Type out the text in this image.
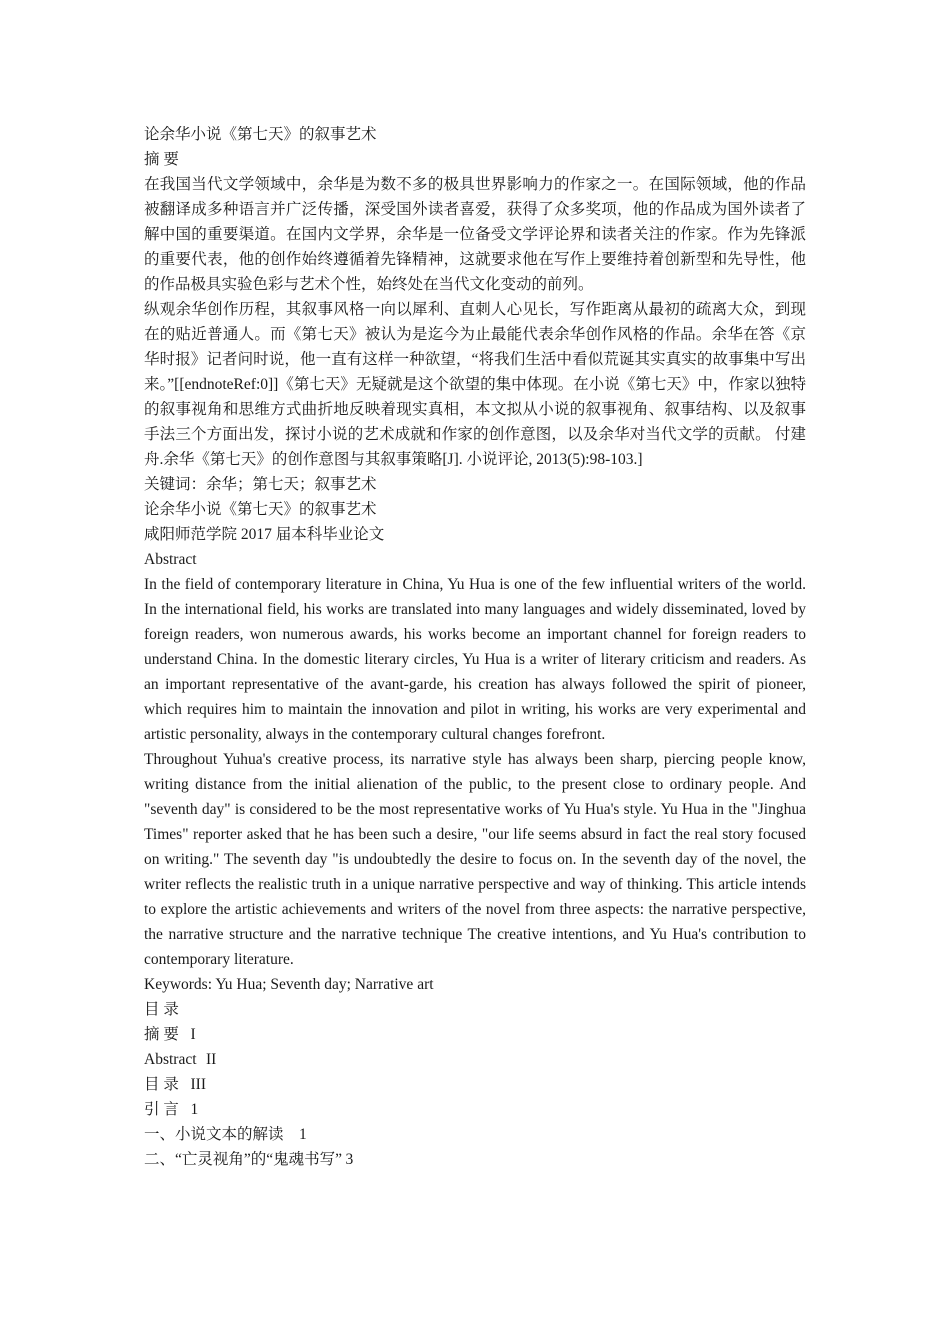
论余华小说《第七天》的叙事艺术

摘 要

在我国当代文学领域中，余华是为数不多的极具世界影响力的作家之一。在国际领域，他的作品被翻译成多种语言并广泛传播，深受国外读者喜爱，获得了众多奖项，他的作品成为国外读者了解中国的重要渠道。在国内文学界，余华是一位备受文学评论界和读者关注的作家。作为先锋派的重要代表，他的创作始终遵循着先锋精神，这就要求他在写作上要维持着创新型和先导性，他的作品极具实验色彩与艺术个性，始终处在当代文化变动的前列。

纵观余华创作历程，其叙事风格一向以犀利、直刺人心见长，写作距离从最初的疏离大众，到现在的贴近普通人。而《第七天》被认为是迄今为止最能代表余华创作风格的作品。余华在答《京华时报》记者问时说，他一直有这样一种欲望，“将我们生活中看似荒诞其实真实的故事集中写出来。”[[endnoteRef:0]]《第七天》无疑就是这个欲望的集中体现。在小说《第七天》中，作家以独特的叙事视角和思维方式曲折地反映着现实真相，本文拟从小说的叙事视角、叙事结构、以及叙事手法三个方面出发，探讨小说的艺术成就和作家的创作意图，以及余华对当代文学的贡献。 付建舟.余华《第七天》的创作意图与其叙事策略[J]. 小说评论, 2013(5):98-103.]

关键词：余华；第七天；叙事艺术

论余华小说《第七天》的叙事艺术

咸阳师范学院 2017 届本科毕业论文

Abstract

In the field of contemporary literature in China, Yu Hua is one of the few influential writers of the world. In the international field, his works are translated into many languages and widely disseminated, loved by foreign readers, won numerous awards, his works become an important channel for foreign readers to understand China. In the domestic literary circles, Yu Hua is a writer of literary criticism and readers. As an important representative of the avant-garde, his creation has always followed the spirit of pioneer, which requires him to maintain the innovation and pilot in writing, his works are very experimental and artistic personality, always in the contemporary cultural changes forefront.

Throughout Yuhua's creative process, its narrative style has always been sharp, piercing people know, writing distance from the initial alienation of the public, to the present close to ordinary people. And "seventh day" is considered to be the most representative works of Yu Hua's style. Yu Hua in the "Jinghua Times" reporter asked that he has been such a desire, "our life seems absurd in fact the real story focused on writing." The seventh day "is undoubtedly the desire to focus on. In the seventh day of the novel, the writer reflects the realistic truth in a unique narrative perspective and way of thinking. This article intends to explore the artistic achievements and writers of the novel from three aspects: the narrative perspective, the narrative structure and the narrative technique The creative intentions, and Yu Hua's contribution to contemporary literature.

Keywords: Yu Hua; Seventh day; Narrative art

目 录

摘 要	I

Abstract	II

目 录	III

引 言	1

一、小说文本的解读	1

二、“亡灵视角”的“鬼魂书写”	3
